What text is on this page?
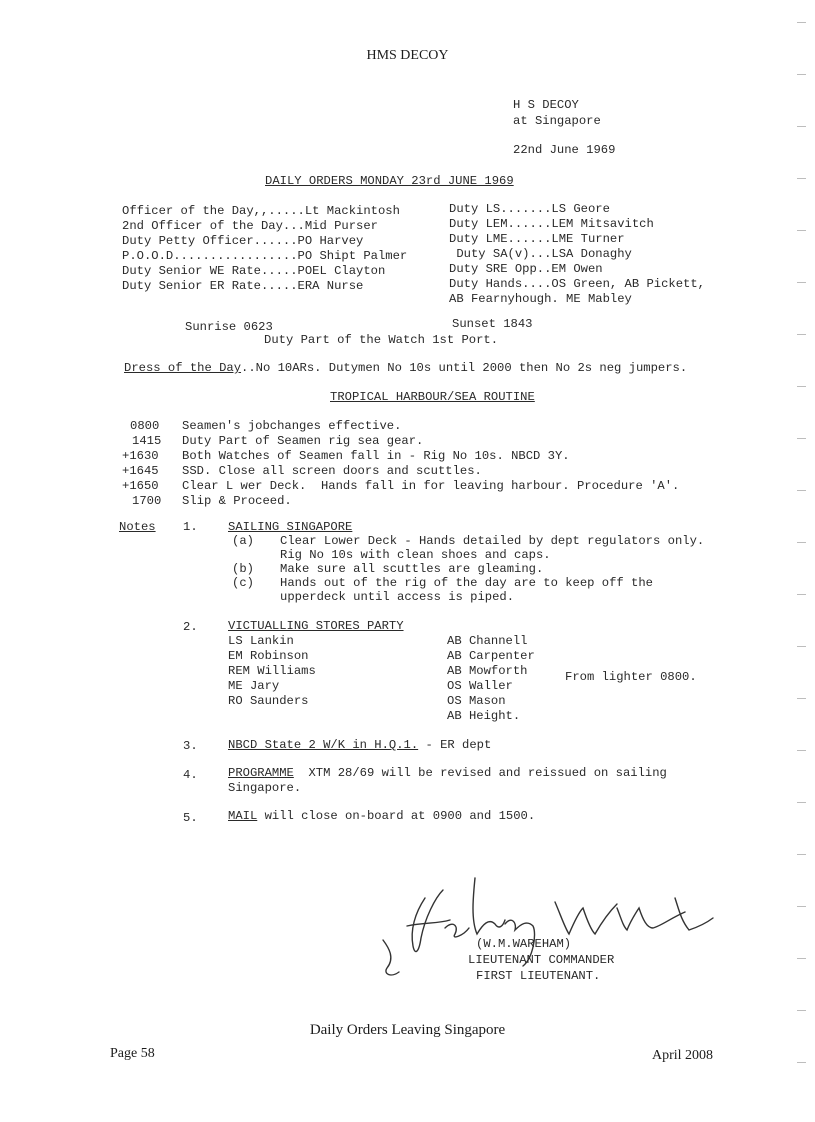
HMS DECOY
H S DECOY
at Singapore
22nd June 1969
DAILY ORDERS MONDAY 23rd JUNE 1969
Officer of the Day,,.....Lt Mackintosh
2nd Officer of the Day...Mid Purser
Duty Petty Officer......PO Harvey
P.O.O.D.................PO Shipt Palmer
Duty Senior WE Rate.....POEL Clayton
Duty Senior ER Rate.....ERA Nurse
Duty LS.......LS Geore
Duty LEM......LEM Mitsavitch
Duty LME......LME Turner
Duty SA(v)...LSA Donaghy
Duty SRE Opp..EM Owen
Duty Hands....OS Green, AB Pickett,
AB Fearnyhough. ME Mabley
Sunrise 0623	Sunset 1843
Duty Part of the Watch 1st Port.
Dress of the Day..No 10ARs. Dutymen No 10s until 2000 then No 2s neg jumpers.
TROPICAL HARBOUR/SEA ROUTINE
0800 Seamen's jobchanges effective.
1415 Duty Part of Seamen rig sea gear.
+1630 Both Watches of Seamen fall in - Rig No 10s. NBCD 3Y.
+1645 SSD. Close all screen doors and scuttles.
+1650 Clear L wer Deck.  Hands fall in for leaving harbour. Procedure 'A'.
1700 Slip & Proceed.
Notes 1. SAILING SINGAPORE
(a) Clear Lower Deck - Hands detailed by dept regulators only.
Rig No 10s with clean shoes and caps.
(b) Make sure all scuttles are gleaming.
(c) Hands out of the rig of the day are to keep off the
upperdeck until access is piped.
2. VICTUALLING STORES PARTY
LS Lankin
EM Robinson
REM Williams
ME Jary
RO Saunders
AB Channell
AB Carpenter
AB Mowforth
OS Waller
OS Mason
AB Height.
From lighter 0800.
3. NBCD State 2 W/K in H.Q.1. - ER dept
4. PROGRAMME  XTM 28/69 will be revised and reissued on sailing
Singapore.
5. MAIL will close on-board at 0900 and 1500.
(W.M.WAREHAM)
LIEUTENANT COMMANDER
FIRST LIEUTENANT.
Daily Orders Leaving Singapore
Page 58	April 2008
